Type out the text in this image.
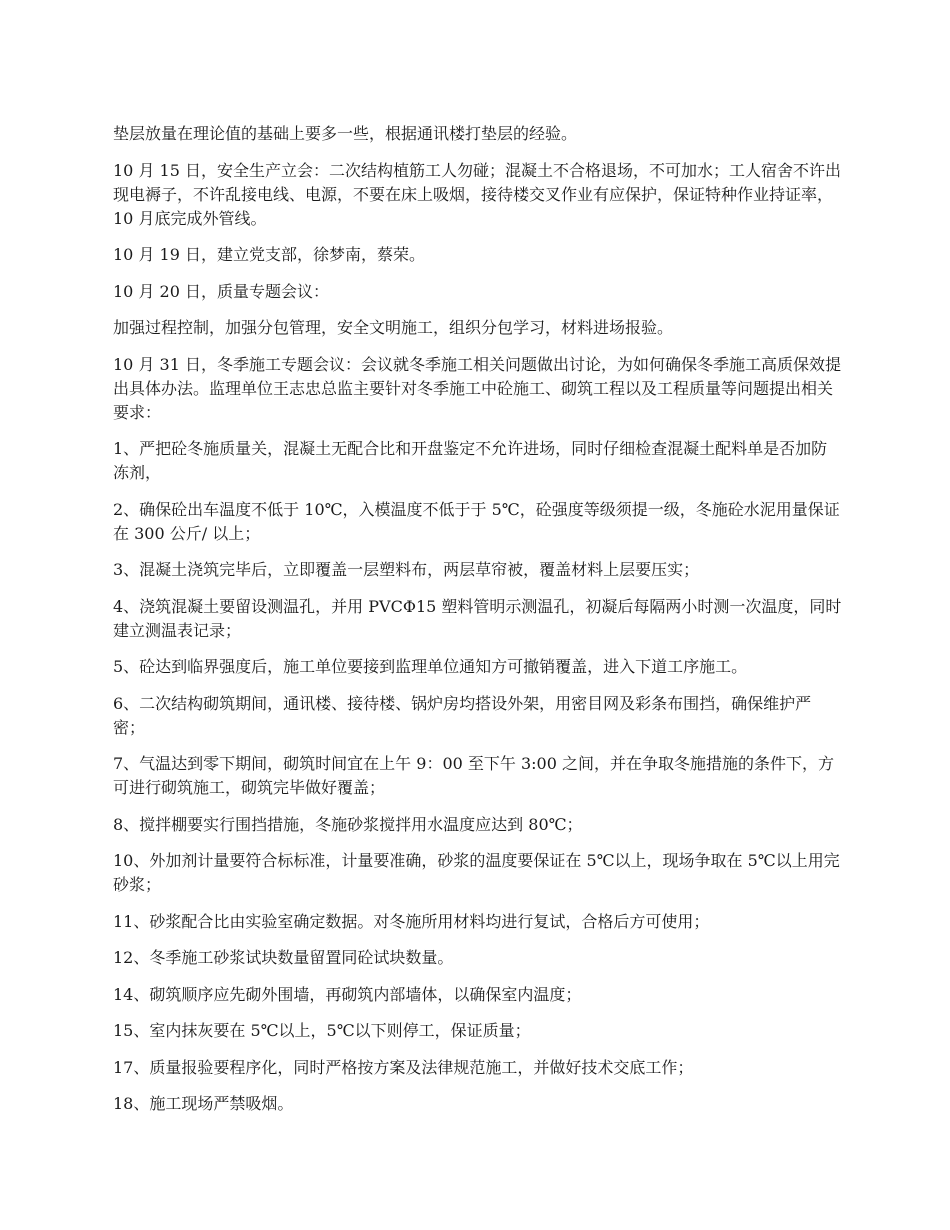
垫层放量在理论值的基础上要多一些，根据通讯楼打垫层的经验。

10 月 15 日，安全生产立会：二次结构植筋工人勿碰；混凝土不合格退场，不可加水；工人宿舍不许出现电褥子，不许乱接电线、电源，不要在床上吸烟，接待楼交叉作业有应保护，保证特种作业持证率，10 月底完成外管线。

10 月 19 日，建立党支部，徐梦南，蔡荣。

10 月 20 日，质量专题会议：

加强过程控制，加强分包管理，安全文明施工，组织分包学习，材料进场报验。

10 月 31 日，冬季施工专题会议：会议就冬季施工相关问题做出讨论，为如何确保冬季施工高质保效提出具体办法。监理单位王志忠总监主要针对冬季施工中砼施工、砌筑工程以及工程质量等问题提出相关要求：

1、严把砼冬施质量关，混凝土无配合比和开盘鉴定不允许进场，同时仔细检查混凝土配料单是否加防冻剂，

2、确保砼出车温度不低于 10℃，入模温度不低于于 5℃，砼强度等级须提一级，冬施砼水泥用量保证在 300 公斤/ 以上；

3、混凝土浇筑完毕后，立即覆盖一层塑料布，两层草帘被，覆盖材料上层要压实；

4、浇筑混凝土要留设测温孔，并用 PVCΦ15 塑料管明示测温孔，初凝后每隔两小时测一次温度，同时建立测温表记录；

5、砼达到临界强度后，施工单位要接到监理单位通知方可撤销覆盖，进入下道工序施工。

6、二次结构砌筑期间，通讯楼、接待楼、锅炉房均搭设外架，用密目网及彩条布围挡，确保维护严密；

7、气温达到零下期间，砌筑时间宜在上午 9：00 至下午 3:00 之间，并在争取冬施措施的条件下，方可进行砌筑施工，砌筑完毕做好覆盖；

8、搅拌棚要实行围挡措施，冬施砂浆搅拌用水温度应达到 80℃；

10、外加剂计量要符合标标准，计量要准确，砂浆的温度要保证在 5℃以上，现场争取在 5℃以上用完砂浆；

11、砂浆配合比由实验室确定数据。对冬施所用材料均进行复试，合格后方可使用；

12、冬季施工砂浆试块数量留置同砼试块数量。

14、砌筑顺序应先砌外围墙，再砌筑内部墙体，以确保室内温度；

15、室内抹灰要在 5℃以上，5℃以下则停工，保证质量；

17、质量报验要程序化，同时严格按方案及法律规范施工，并做好技术交底工作；

18、施工现场严禁吸烟。
